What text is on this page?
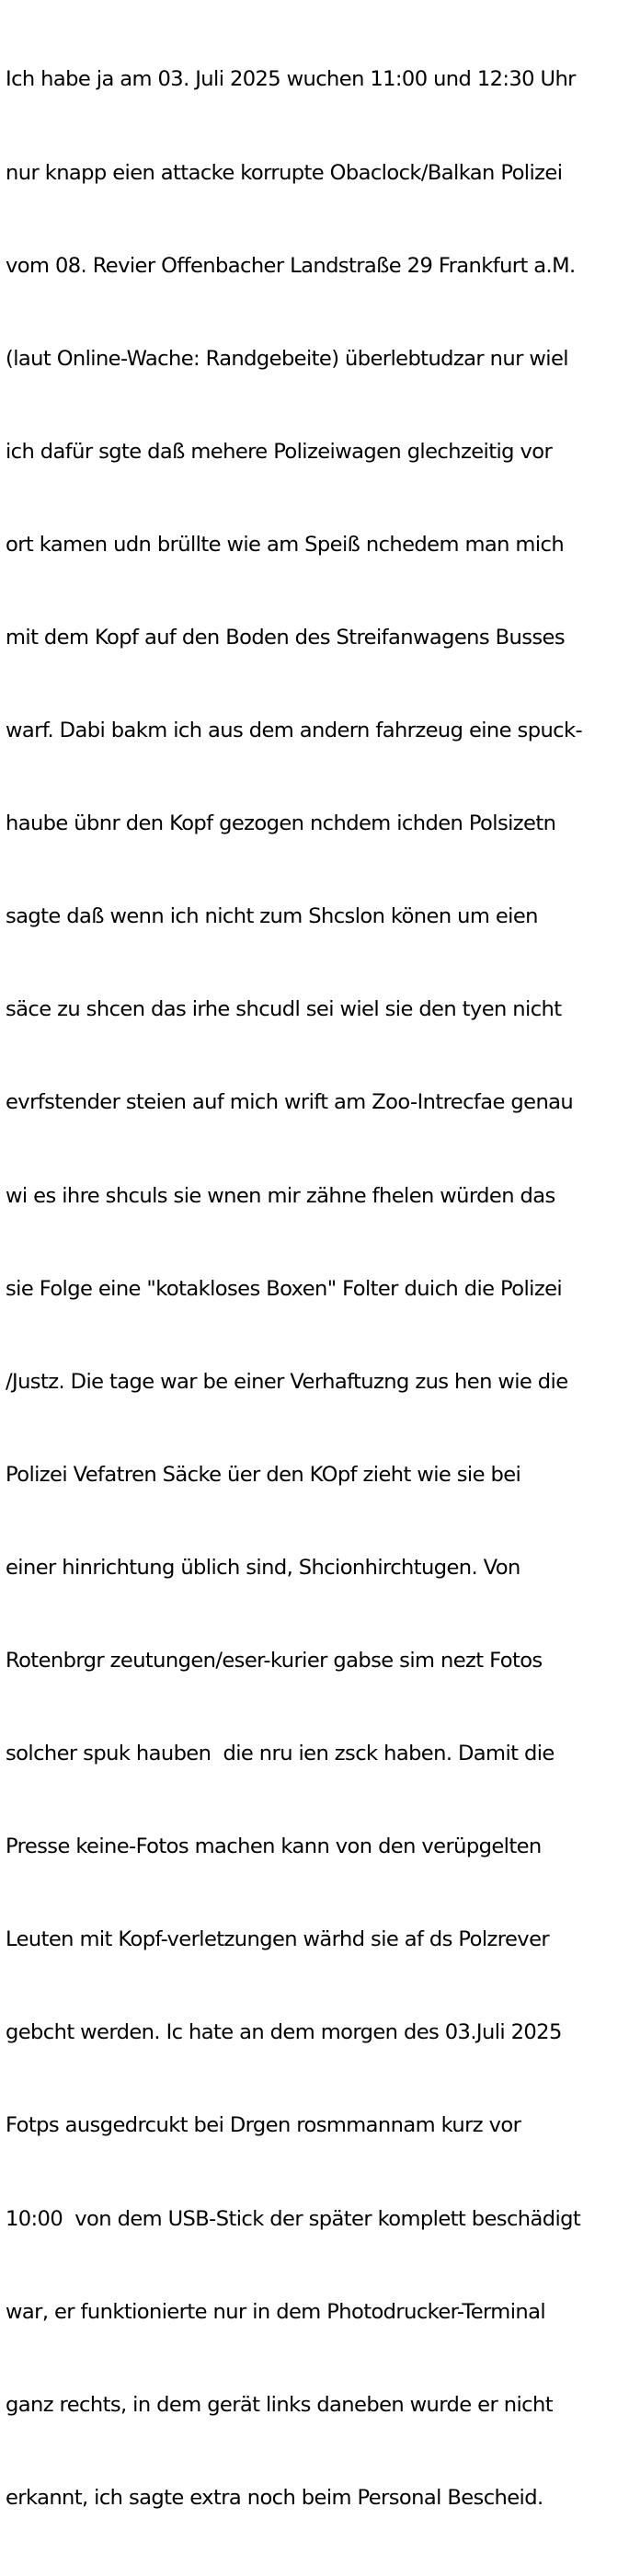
Ich habe ja am 03. Juli 2025 wuchen 11:00 und 12:30 Uhr

nur knapp eien attacke korrupte Obaclock/Balkan Polizei

vom 08. Revier Offenbacher Landstraße 29 Frankfurt a.M.

(laut Online-Wache: Randgebeite) überlebtudzar nur wiel

ich dafür sgte daß mehere Polizeiwagen glechzeitig vor

ort kamen udn brüllte wie am Speiß nchedem man mich

mit dem Kopf auf den Boden des Streifanwagens Busses

warf. Dabi bakm ich aus dem andern fahrzeug eine spuck-

haube übnr den Kopf gezogen nchdem ichden Polsizetn

sagte daß wenn ich nicht zum Shcslon könen um eien

säce zu shcen das irhe shcudl sei wiel sie den tyen nicht

evrfstender steien auf mich wrift am Zoo-Intrecfae genau

wi es ihre shculs sie wnen mir zähne fhelen würden das

sie Folge eine "kotakloses Boxen" Folter duich die Polizei

/Justz. Die tage war be einer Verhaftuzng zus hen wie die

Polizei Vefatren Säcke üer den KOpf zieht wie sie bei

einer hinrichtung üblich sind, Shcionhirchtugen. Von

Rotenbrgr zeutungen/eser-kurier gabse sim nezt Fotos

solcher spuk hauben  die nru ien zsck haben. Damit die

Presse keine-Fotos machen kann von den verüpgelten

Leuten mit Kopf-verletzungen wärhd sie af ds Polzrever

gebcht werden. Ic hate an dem morgen des 03.Juli 2025

Fotps ausgedrcukt bei Drgen rosmmannam kurz vor

10:00  von dem USB-Stick der später komplett beschädigt

war, er funktionierte nur in dem Photodrucker-Terminal

ganz rechts, in dem gerät links daneben wurde er nicht

erkannt, ich sagte extra noch beim Personal Bescheid.
